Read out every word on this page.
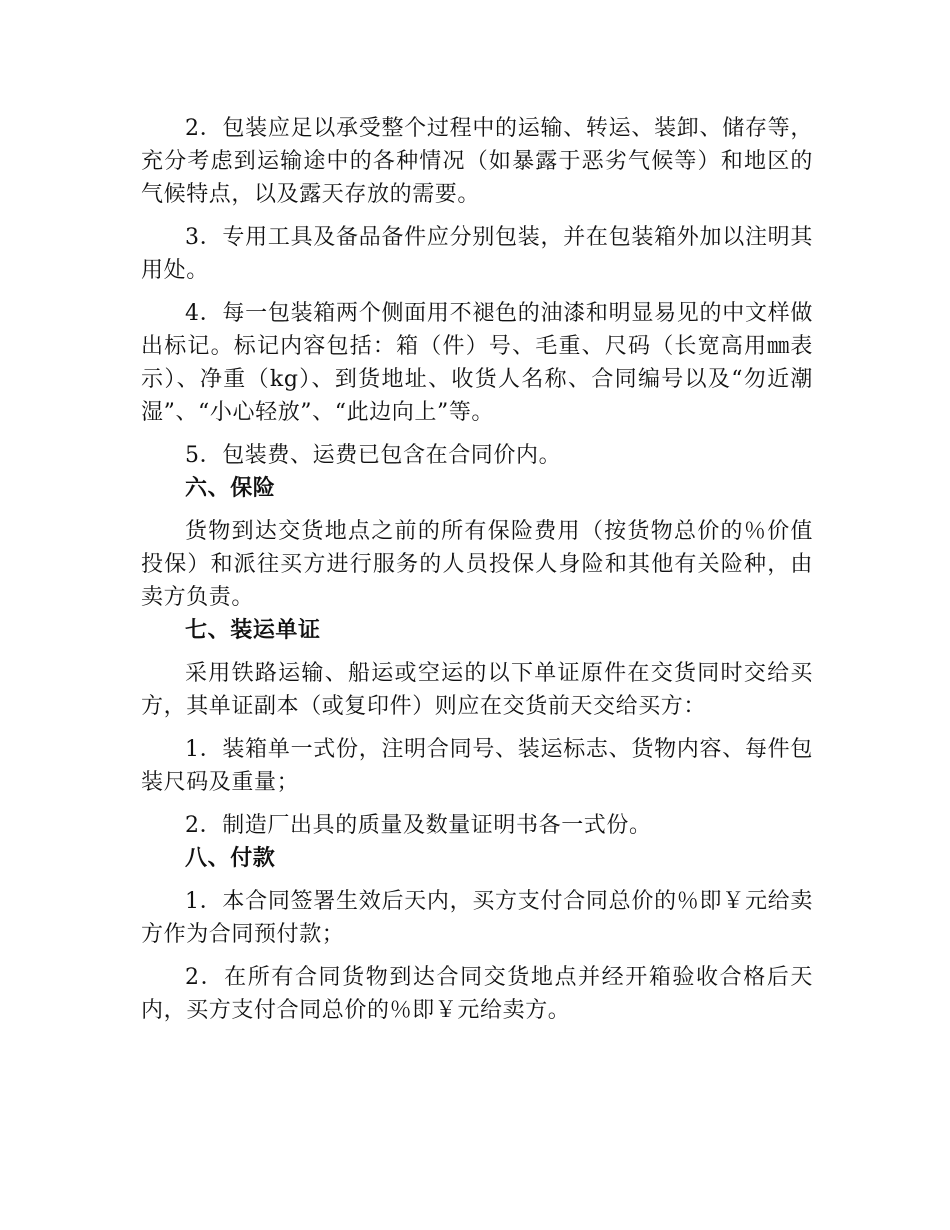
2．包装应足以承受整个过程中的运输、转运、装卸、储存等，充分考虑到运输途中的各种情况（如暴露于恶劣气候等）和地区的气候特点，以及露天存放的需要。

3．专用工具及备品备件应分别包装，并在包装箱外加以注明其用处。

4．每一包装箱两个侧面用不褪色的油漆和明显易见的中文样做出标记。标记内容包括：箱（件）号、毛重、尺码（长宽高用㎜表示）、净重（kg）、到货地址、收货人名称、合同编号以及“勿近潮湿”、“小心轻放”、“此边向上”等。

5．包装费、运费已包含在合同价内。

六、保险

货物到达交货地点之前的所有保险费用（按货物总价的％价值投保）和派往买方进行服务的人员投保人身险和其他有关险种，由卖方负责。

七、装运单证

采用铁路运输、船运或空运的以下单证原件在交货同时交给买方，其单证副本（或复印件）则应在交货前天交给买方：

1．装箱单一式份，注明合同号、装运标志、货物内容、每件包装尺码及重量；

2．制造厂出具的质量及数量证明书各一式份。

八、付款

1．本合同签署生效后天内，买方支付合同总价的％即￥元给卖方作为合同预付款；

2．在所有合同货物到达合同交货地点并经开箱验收合格后天内，买方支付合同总价的％即￥元给卖方。
